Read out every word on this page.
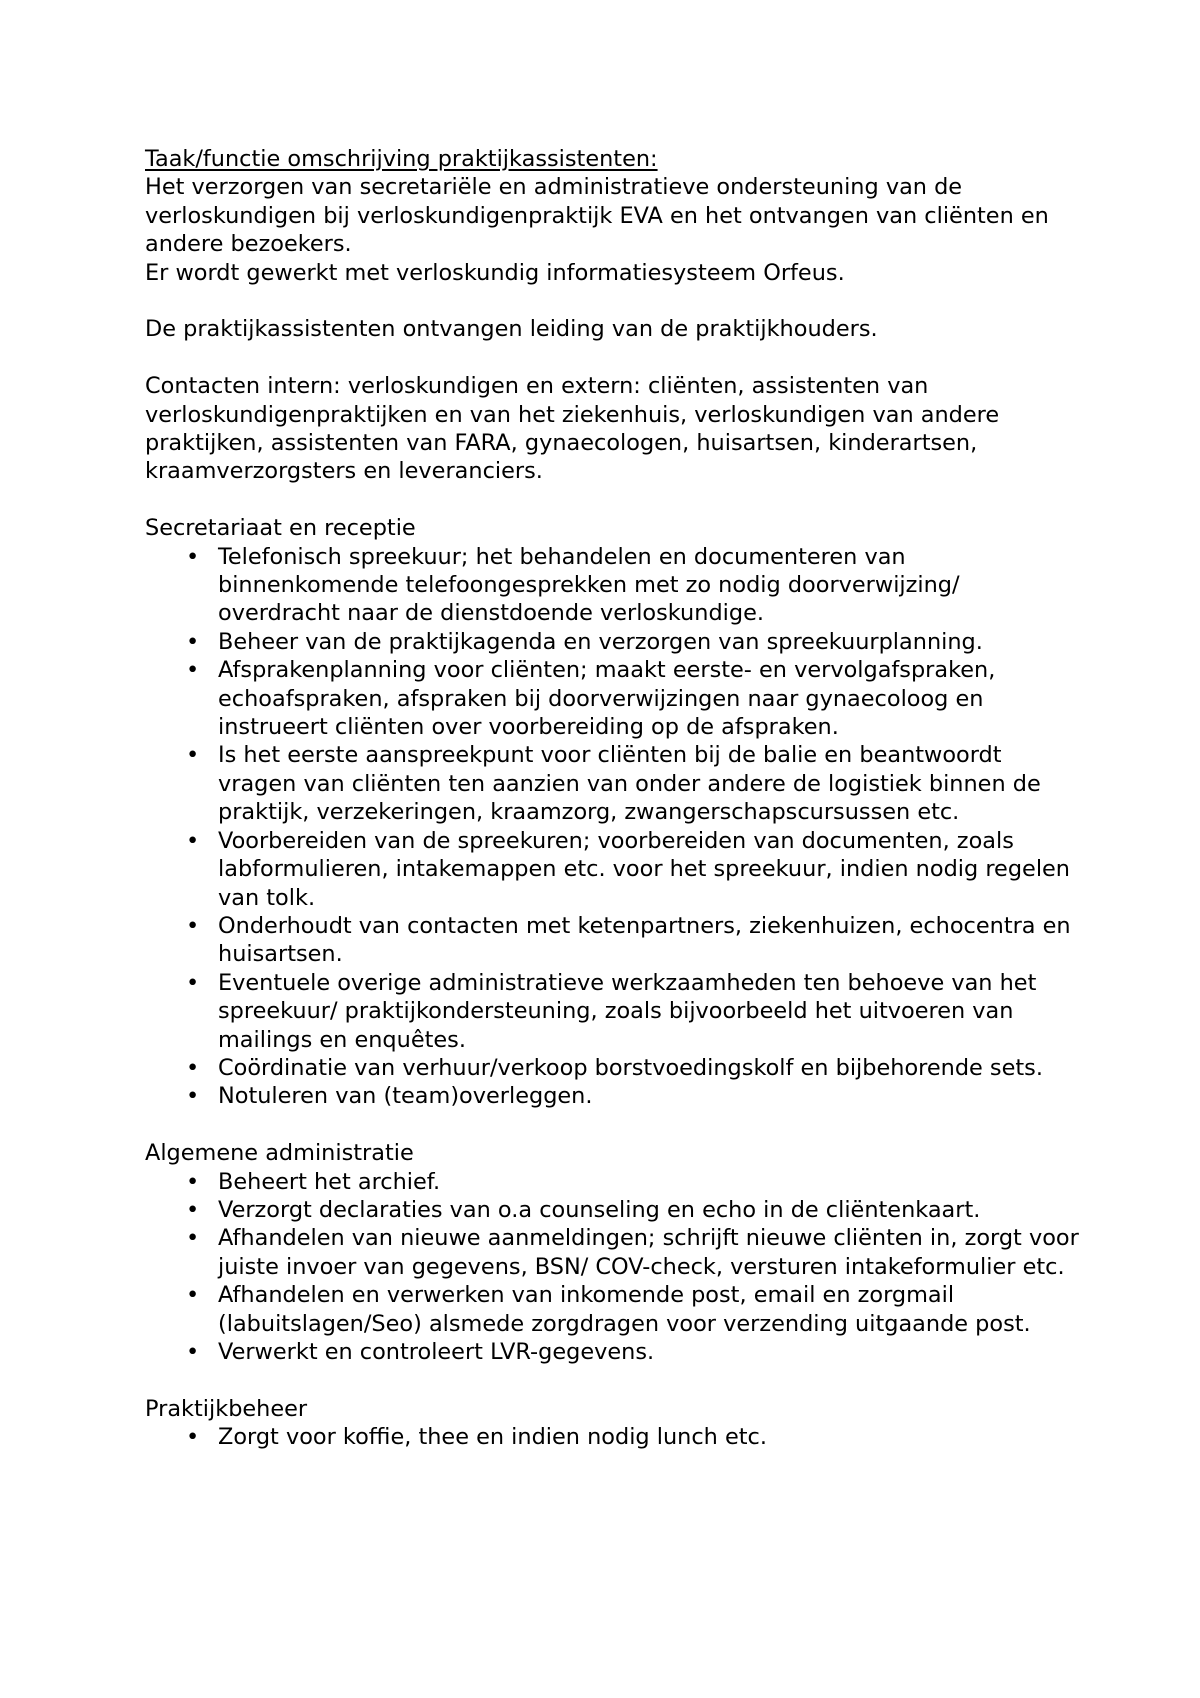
Taak/functie omschrijving praktijkassistenten:

Het verzorgen van secretariële en administratieve ondersteuning van de verloskundigen bij verloskundigenpraktijk EVA en het ontvangen van cliënten en andere bezoekers.

Er wordt gewerkt met verloskundig informatiesysteem Orfeus.

De praktijkassistenten ontvangen leiding van de praktijkhouders.

Contacten intern: verloskundigen en extern: cliënten, assistenten van verloskundigenpraktijken en van het ziekenhuis, verloskundigen van andere praktijken, assistenten van FARA, gynaecologen, huisartsen, kinderartsen, kraamverzorgsters en leveranciers.

Secretariaat en receptie

• Telefonisch spreekuur; het behandelen en documenteren van binnenkomende telefoongesprekken met zo nodig doorverwijzing/ overdracht naar de dienstdoende verloskundige.
• Beheer van de praktijkagenda en verzorgen van spreekuurplanning.
• Afsprakenplanning voor cliënten; maakt eerste- en vervolgafspraken, echoafspraken, afspraken bij doorverwijzingen naar gynaecoloog en instrueert cliënten over voorbereiding op de afspraken.
• Is het eerste aanspreekpunt voor cliënten bij de balie en beantwoordt vragen van cliënten ten aanzien van onder andere de logistiek binnen de praktijk, verzekeringen, kraamzorg, zwangerschapscursussen etc.
• Voorbereiden van de spreekuren; voorbereiden van documenten, zoals labformulieren, intakemappen etc. voor het spreekuur, indien nodig regelen van tolk.
• Onderhoudt van contacten met ketenpartners, ziekenhuizen, echocentra en huisartsen.
• Eventuele overige administratieve werkzaamheden ten behoeve van het spreekuur/ praktijkondersteuning, zoals bijvoorbeeld het uitvoeren van mailings en enquêtes.
• Coördinatie van verhuur/verkoop borstvoedingskolf en bijbehorende sets.
• Notuleren van (team)overleggen.

Algemene administratie

• Beheert het archief.
• Verzorgt declaraties van o.a counseling en echo in de cliëntenkaart.
• Afhandelen van nieuwe aanmeldingen; schrijft nieuwe cliënten in, zorgt voor juiste invoer van gegevens, BSN/ COV-check, versturen intakeformulier etc.
• Afhandelen en verwerken van inkomende post, email en zorgmail (labuitslagen/Seo) alsmede zorgdragen voor verzending uitgaande post.
• Verwerkt en controleert LVR-gegevens.

Praktijkbeheer

• Zorgt voor koffie, thee en indien nodig lunch etc.
